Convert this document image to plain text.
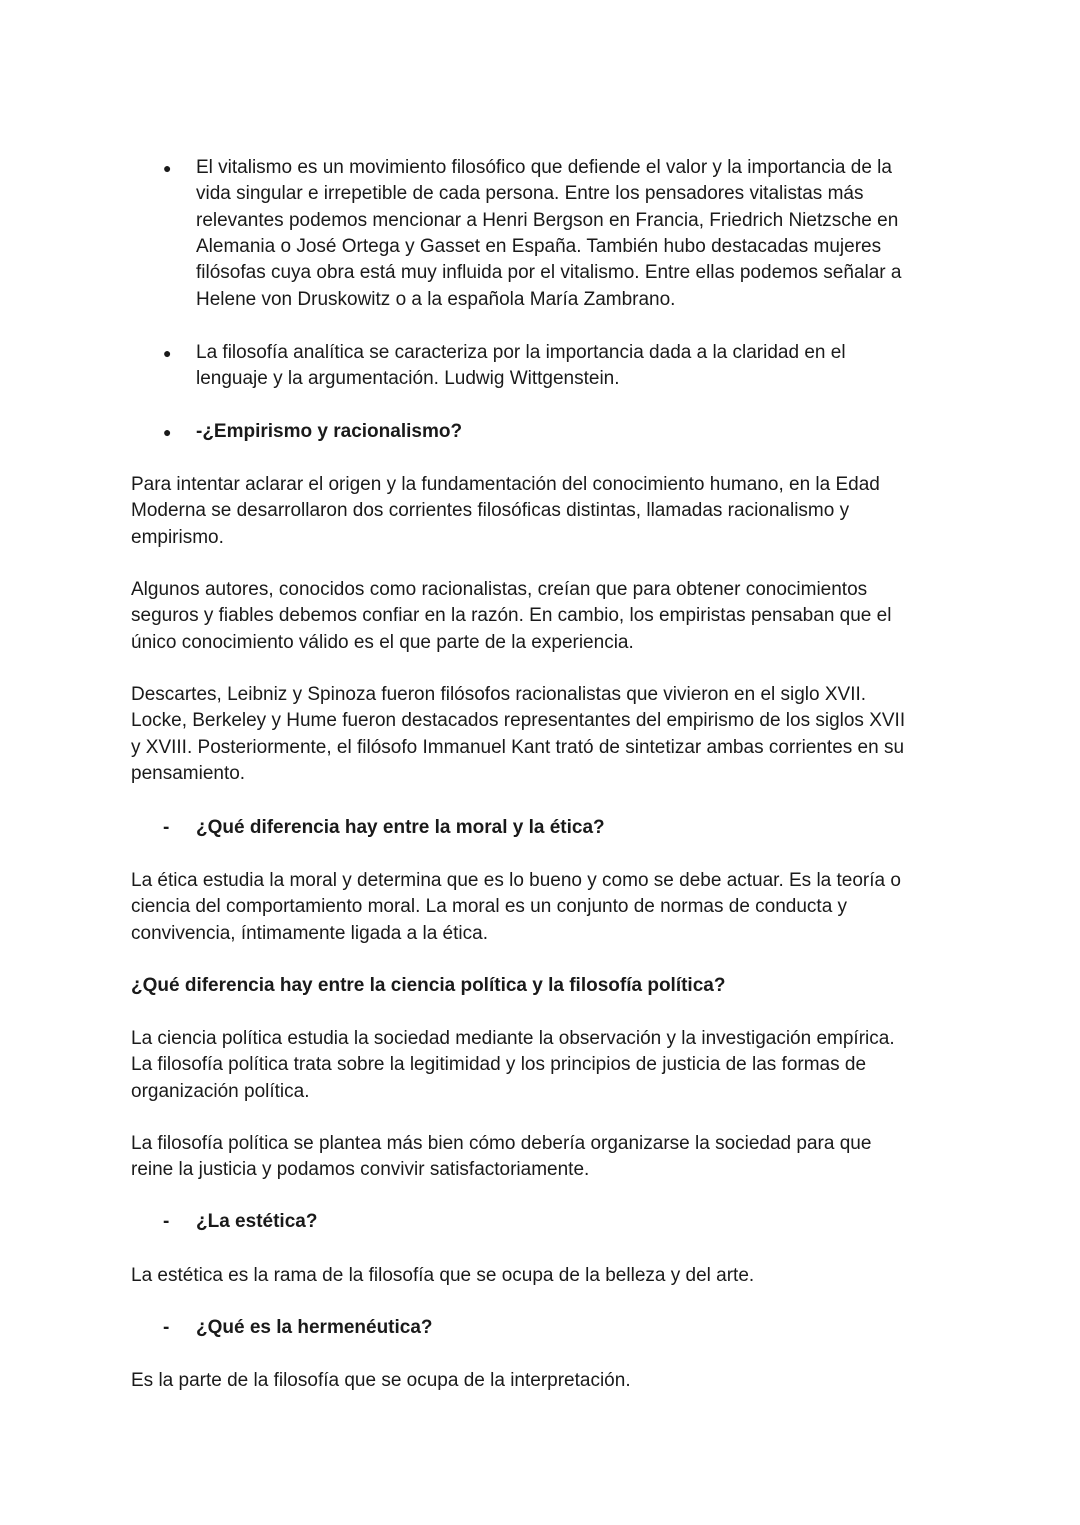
● El vitalismo es un movimiento filosófico que defiende el valor y la importancia de la
vida singular e irrepetible de cada persona. Entre los pensadores vitalistas más
relevantes podemos mencionar a Henri Bergson en Francia, Friedrich Nietzsche en
Alemania o José Ortega y Gasset en España. También hubo destacadas mujeres
filósofas cuya obra está muy influida por el vitalismo. Entre ellas podemos señalar a
Helene von Druskowitz o a la española María Zambrano.
● La filosofía analítica se caracteriza por la importancia dada a la claridad en el
lenguaje y la argumentación. Ludwig Wittgenstein.
● -¿Empirismo y racionalismo?
Para intentar aclarar el origen y la fundamentación del conocimiento humano, en la Edad
Moderna se desarrollaron dos corrientes filosóficas distintas, llamadas racionalismo y
empirismo.
Algunos autores, conocidos como racionalistas, creían que para obtener conocimientos
seguros y fiables debemos confiar en la razón. En cambio, los empiristas pensaban que el
único conocimiento válido es el que parte de la experiencia.
Descartes, Leibniz y Spinoza fueron filósofos racionalistas que vivieron en el siglo XVII.
Locke, Berkeley y Hume fueron destacados representantes del empirismo de los siglos XVII
y XVIII. Posteriormente, el filósofo Immanuel Kant trató de sintetizar ambas corrientes en su
pensamiento.
- ¿Qué diferencia hay entre la moral y la ética?
La ética estudia la moral y determina que es lo bueno y como se debe actuar. Es la teoría o
ciencia del comportamiento moral. La moral es un conjunto de normas de conducta y
convivencia, íntimamente ligada a la ética.
¿Qué diferencia hay entre la ciencia política y la filosofía política?
La ciencia política estudia la sociedad mediante la observación y la investigación empírica.
La filosofía política trata sobre la legitimidad y los principios de justicia de las formas de
organización política.
La filosofía política se plantea más bien cómo debería organizarse la sociedad para que
reine la justicia y podamos convivir satisfactoriamente.
- ¿La estética?
La estética es la rama de la filosofía que se ocupa de la belleza y del arte.
- ¿Qué es la hermenéutica?
Es la parte de la filosofía que se ocupa de la interpretación.
